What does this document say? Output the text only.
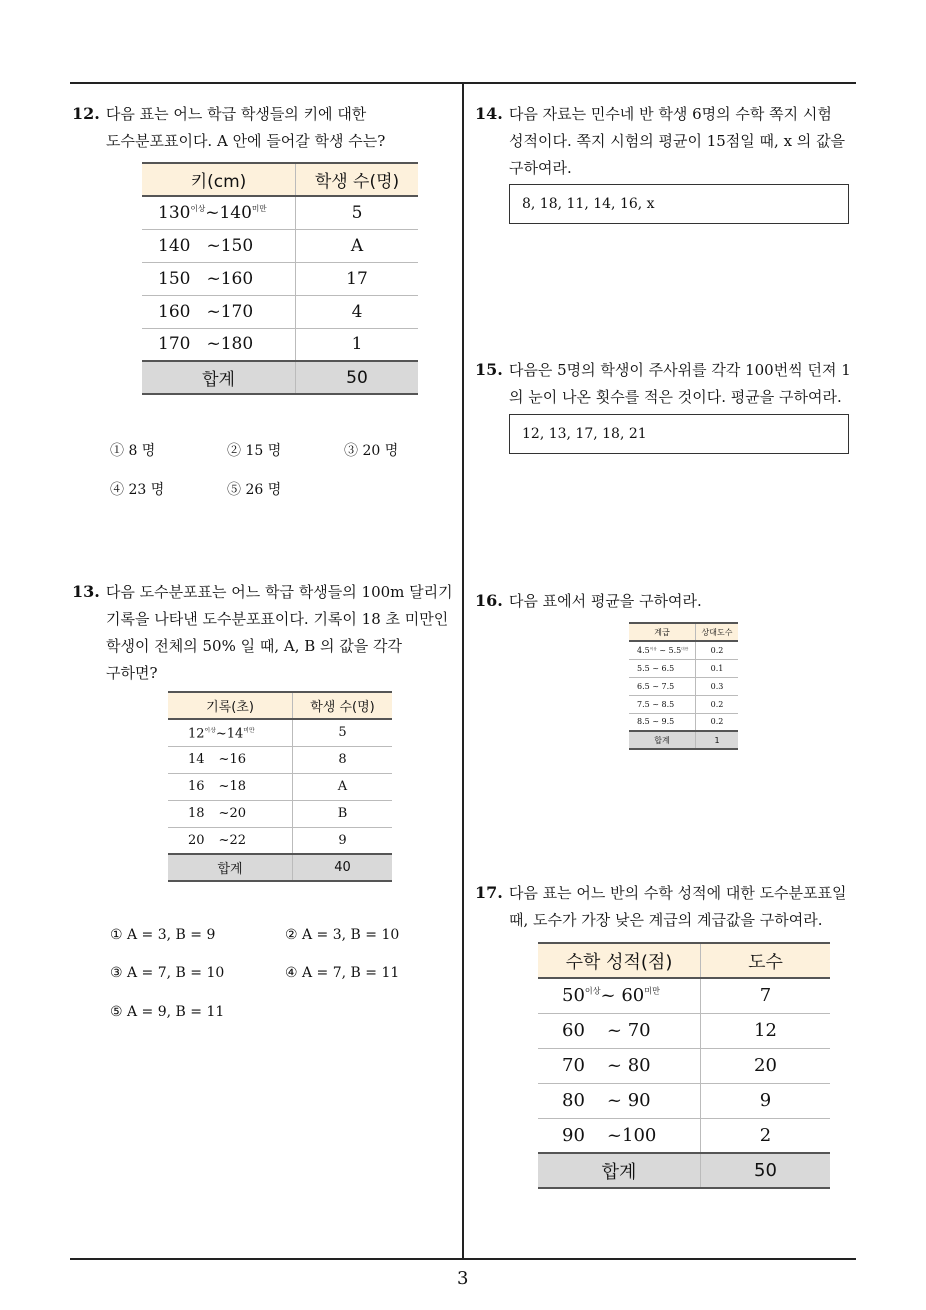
12. 다음 표는 어느 학급 학생들의 키에 대한
도수분포표이다. A 안에 들어갈 학생 수는?
키(cm)	학생 수(명)
$130^{이상}\sim 140^{미만}$	5
140 ~150	A
150 ~160	17
160 ~170	4
170 ~180	1
합계	50
① 8 명	② 15 명	③ 20 명
④ 23 명	⑤ 26 명
13. 다음 도수분포표는 어느 학급 학생들의 100m 달리기
기록을 나타낸 도수분포표이다. 기록이 18 초 미만인
학생이 전체의 50% 일 때, A, B 의 값을 각각
구하면?
기록(초)	학생 수(명)
$12^{이상}\sim 14^{미만}$	5
14 ~16	8
16 ~18	A
18 ~20	B
20 ~22	9
합계	40
① A = 3, B = 9	② A = 3, B = 10
③ A = 7, B = 10	④ A = 7, B = 11
⑤ A = 9, B = 11
14. 다음 자료는 민수네 반 학생 6명의 수학 쪽지 시험
성적이다. 쪽지 시험의 평균이 15점일 때, x 의 값을
구하여라.
8, 18, 11, 14, 16, x
15. 다음은 5명의 학생이 주사위를 각각 100번씩 던져 1
의 눈이 나온 횟수를 적은 것이다. 평균을 구하여라.
12, 13, 17, 18, 21
16. 다음 표에서 평균을 구하여라.
계급	상대도수
$4.5^{이상}$ ~ $5.5^{미만}$	0.2
5.5 ~ 6.5	0.1
6.5 ~ 7.5	0.3
7.5 ~ 8.5	0.2
8.5 ~ 9.5	0.2
합계	1
17. 다음 표는 어느 반의 수학 성적에 대한 도수분포표일
때, 도수가 가장 낮은 계급의 계급값을 구하여라.
수학 성적(점)	도수
$50^{이상}\sim$ $60^{미만}$	7
60 ~ 70	12
70 ~ 80	20
80 ~ 90	9
90 ~100	2
합계	50
3
